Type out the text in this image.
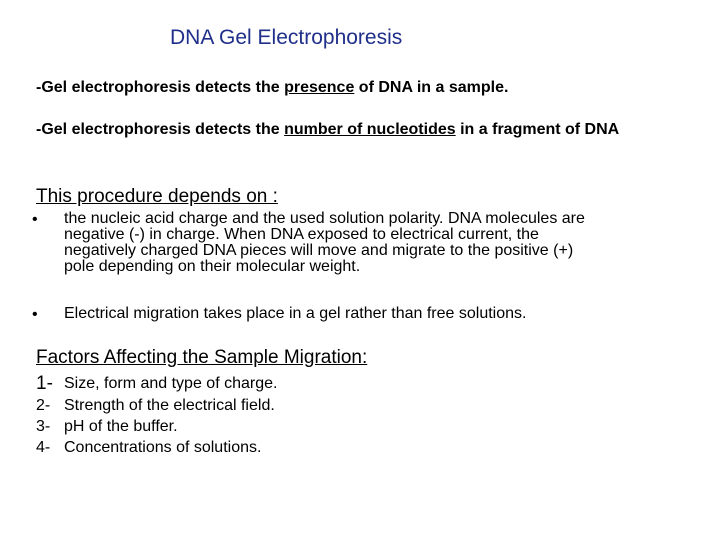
DNA Gel Electrophoresis
-Gel electrophoresis detects the presence of DNA in a sample.
-Gel electrophoresis detects the number of nucleotides in a fragment of DNA
This procedure depends on :
• the nucleic acid charge and the used solution polarity. DNA molecules are
negative (-) in charge. When DNA exposed to electrical current, the
negatively charged DNA pieces will move and migrate to the positive (+)
pole depending on their molecular weight.
• Electrical migration takes place in a gel rather than free solutions.
Factors Affecting the Sample Migration:
1- Size, form and type of charge.
2- Strength of the electrical field.
3- pH of the buffer.
4- Concentrations of solutions.
